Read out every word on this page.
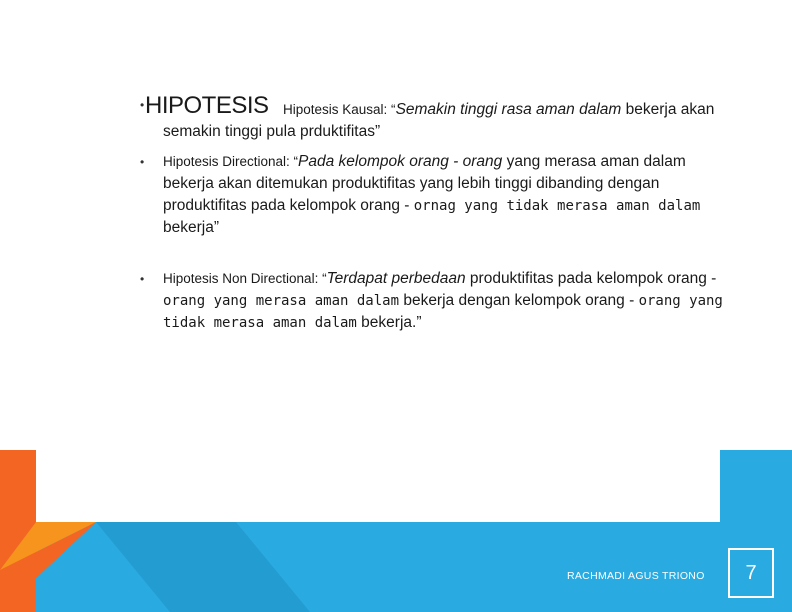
• HIPOTESIS	Hipotesis Kausal: “Semakin tinggi rasa aman dalam bekerja akan semakin tinggi pula prduktifitas”
• Hipotesis Directional: “Pada kelompok orang - orang yang merasa aman dalam bekerja akan ditemukan produktifitas yang lebih tinggi dibanding dengan produktifitas pada kelompok orang - ornag yang tidak merasa aman dalam bekerja”
• Hipotesis Non Directional: “Terdapat perbedaan produktifitas pada kelompok orang - orang yang merasa aman dalam bekerja dengan kelompok orang - orang yang tidak merasa aman dalam bekerja.”
RACHMADI AGUS TRIONO	7
